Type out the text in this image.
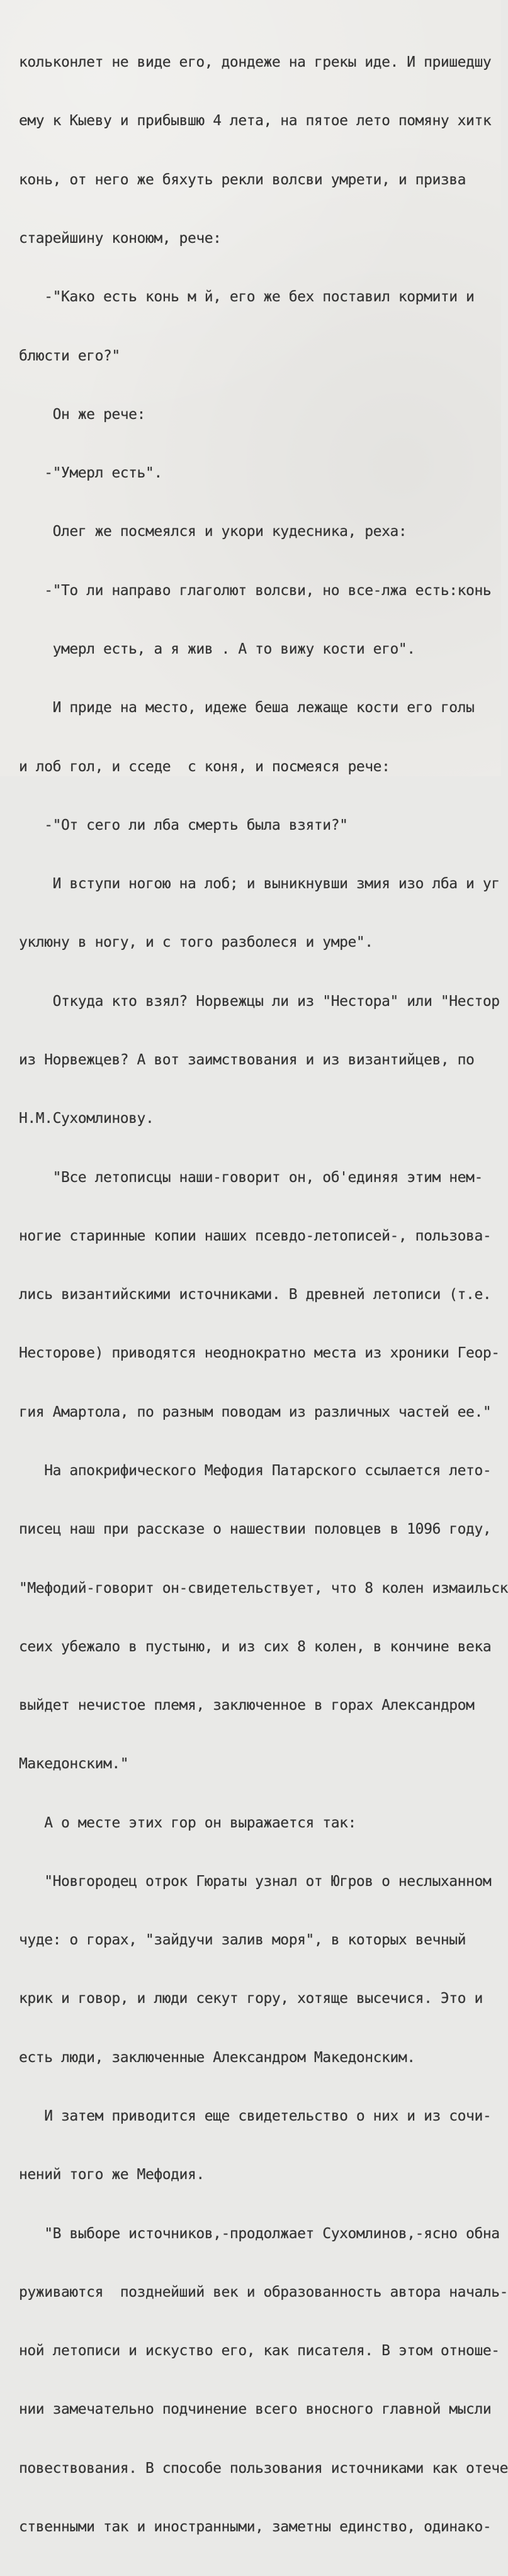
кольконлет не виде его, дондеже на грекы иде. И пришедшу

ему к Кыеву и прибывшю 4 лета, на пятое лето помяну хитк

конь, от него же бяхуть рекли волсви умрети, и призва

старейшину коноюм, рече:

-"Како есть конь м й, его же бех поставил кормити и

блюсти его?"

Он же рече:

-"Умерл есть".

Олег же посмеялся и укори кудесника, реха:

-"То ли направо глаголют волсви, но все-лжа есть:конь

умерл есть, а я жив . А то вижу кости его".

И приде на место, идеже беша лежаще кости его голы

и лоб гол, и сседе  с коня, и посмеяся рече:

-"От сего ли лба смерть была взяти?"

И вступи ногою на лоб; и выникнувши змия изо лба и уг

уклюну в ногу, и с того разболеся и умре".

Откуда кто взял? Норвежцы ли из "Нестора" или "Нестор

из Норвежцев? А вот заимствования и из византийцев, по

Н.М.Сухомлинову.

"Все летописцы наши-говорит он, об'единяя этим нем-

ногие старинные копии наших псевдо-летописей-, пользова-

лись византийскими источниками. В древней летописи (т.е.

Несторове) приводятся неоднократно места из хроники Геор-

гия Амартола, по разным поводам из различных частей ее."

На апокрифического Мефодия Патарского ссылается лето-

писец наш при рассказе о нашествии половцев в 1096 году,

"Мефодий-говорит он-свидетельствует, что 8 колен измаильск

сеих убежало в пустыню, и из сих 8 колен, в кончине века

выйдет нечистое племя, заключенное в горах Александром

Македонским."

А о месте этих гор он выражается так:

"Новгородец отрок Гюраты узнал от Югров о неслыханном

чуде: о горах, "зайдучи залив моря", в которых вечный

крик и говор, и люди секут гору, хотяще высечися. Это и

есть люди, заключенные Александром Македонским.

И затем приводится еще свидетельство о них и из сочи-

нений того же Мефодия.

"В выборе источников,-продолжает Сухомлинов,-ясно обна

руживаются  позднейший век и образованность автора началь-

ной летописи и искуство его, как писателя. В этом отноше-

нии замечательно подчинение всего вносного главной мысли

повествования. В способе пользования источниками как отече

ственными так и иностранными, заметны единство, одинако-
